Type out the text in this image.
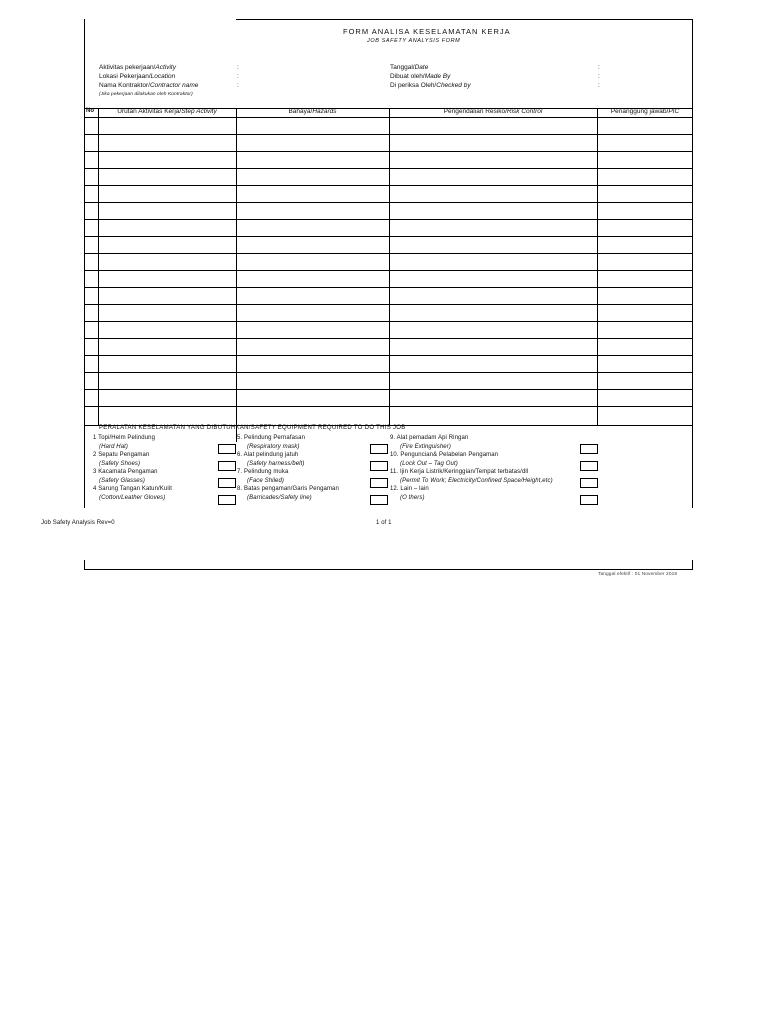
FORM ANALISA KESELAMATAN KERJA
JOB SAFETY ANALYSIS FORM
Aktivitas pekerjaan/Activity	:
Lokasi Pekerjaan/Location	:
Nama Kontraktor/Contractor name	:
(Jika pekerjaan dilakukan oleh Kontraktor)
Tanggal/Date	:
Dibuat oleh/Made By	:
Di periksa Oleh/Checked by	:
No	Urutan Aktivitas Kerja/Step Activity	Bahaya/Hazards	Pengendalian Resiko/Risk Control	Penanggung jawab/PIC
PERALATAN KESELAMATAN YANG DIBUTUHKAN/SAFETY EQUIPMENT REQUIRED TO DO THIS JOB
1 Topi/Helm Pelindung
(Hard Hat)
2 Sepatu Pengaman
(Safety Shoes)
3 Kacamata Pengaman
(Safety Glasses)
4 Sarung Tangan Katun/Kulit
(Cotton/Leather Gloves)
5. Pelindung Pernafasan
(Respiratory mask)
6. Alat pelindung jatuh
(Safety harness/belt)
7. Pelindung muka
(Face Shiled)
8. Batas pengaman/Garis Pengaman
(Barricades/Safety line)
9. Alat pemadam Api Ringan
(Fire Extinguisher)
10. Penguncian& Pelabelan Pengaman
(Lock Out – Tag Out)
11. Ijin Kerja Listrik/Keringgian/Tempat terbatas/dll
(Permit To Work; Electricity/Confined Space/Height,etc)
12. Lain – lain
(O thers)
Job Safety Analysis Rev=0	1 of 1
Tanggal efektif : 01 November 2019
